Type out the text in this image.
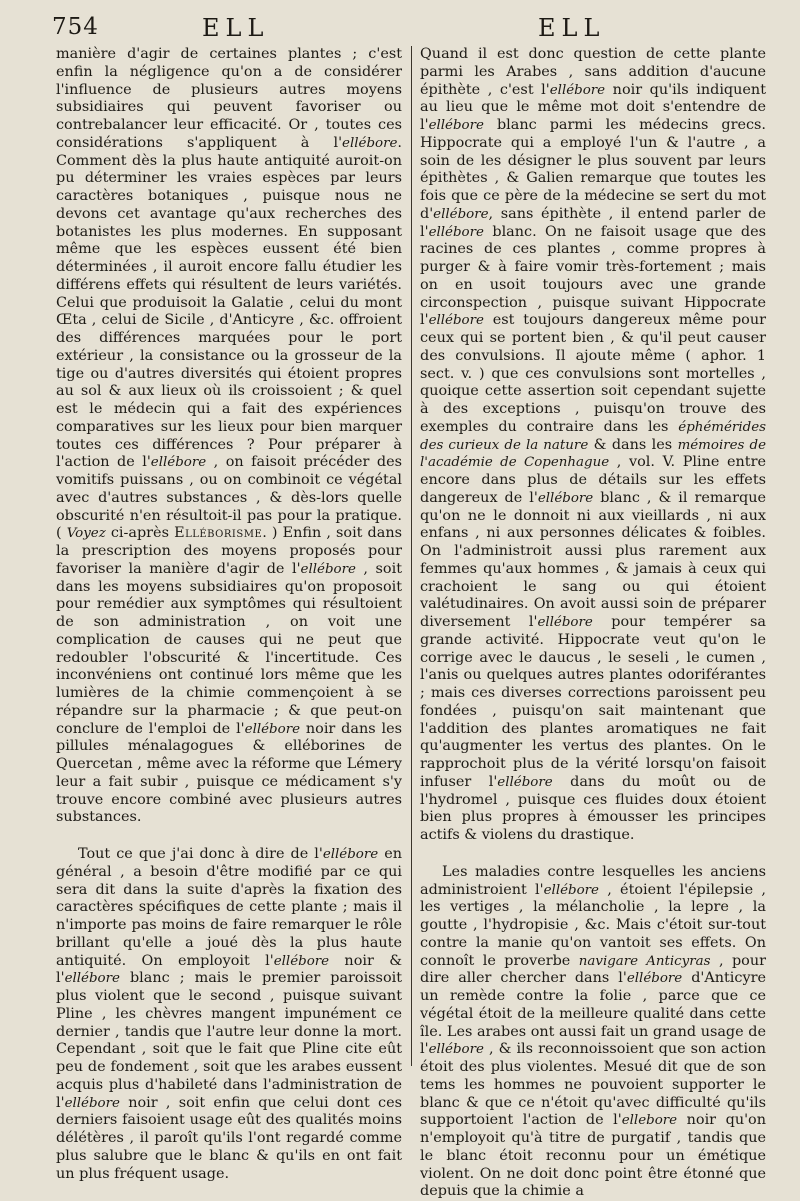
754	ELL	ELL

manière d'agir de certaines plantes ; c'est enfin la négligence qu'on a de considérer l'influence de plusieurs autres moyens subsidiaires qui peuvent favoriser ou contrebalancer leur efficacité. Or , toutes ces considérations s'appliquent à l'ellébore. Comment dès la plus haute antiquité auroit-on pu déterminer les vraies espèces par leurs caractères botaniques , puisque nous ne devons cet avantage qu'aux recherches des botanistes les plus modernes. En supposant même que les espèces eussent été bien déterminées , il auroit encore fallu étudier les différens effets qui résultent de leurs variétés. Celui que produisoit la Galatie , celui du mont Œta , celui de Sicile , d'Anticyre , &c. offroient des différences marquées pour le port extérieur , la consistance ou la grosseur de la tige ou d'autres diversités qui étoient propres au sol & aux lieux où ils croissoient ; & quel est le médecin qui a fait des expériences comparatives sur les lieux pour bien marquer toutes ces différences ? Pour préparer à l'action de l'ellébore , on faisoit précéder des vomitifs puissans , ou on combinoit ce végétal avec d'autres substances , & dès-lors quelle obscurité n'en résultoit-il pas pour la pratique. ( Voyez ci-après Elléborisme. ) Enfin , soit dans la prescription des moyens proposés pour favoriser la manière d'agir de l'ellébore , soit dans les moyens subsidiaires qu'on proposoit pour remédier aux symptômes qui résultoient de son administration , on voit une complication de causes qui ne peut que redoubler l'obscurité & l'incertitude. Ces inconvéniens ont continué lors même que les lumières de la chimie commençoient à se répandre sur la pharmacie ; & que peut-on conclure de l'emploi de l'ellébore noir dans les pillules ménalagogues & elléborines de Quercetan , même avec la réforme que Lémery leur a fait subir , puisque ce médicament s'y trouve encore combiné avec plusieurs autres substances.

Tout ce que j'ai donc à dire de l'ellébore en général , a besoin d'être modifié par ce qui sera dit dans la suite d'après la fixation des caractères spécifiques de cette plante ; mais il n'importe pas moins de faire remarquer le rôle brillant qu'elle a joué dès la plus haute antiquité. On employoit l'ellébore noir & l'ellébore blanc ; mais le premier paroissoit plus violent que le second , puisque suivant Pline , les chèvres mangent impunément ce dernier , tandis que l'autre leur donne la mort. Cependant , soit que le fait que Pline cite eût peu de fondement , soit que les arabes eussent acquis plus d'habileté dans l'administration de l'ellébore noir , soit enfin que celui dont ces derniers faisoient usage eût des qualités moins délétères , il paroît qu'ils l'ont regardé comme plus salubre que le blanc & qu'ils en ont fait un plus fréquent usage.

Quand il est donc question de cette plante parmi les Arabes , sans addition d'aucune épithète , c'est l'ellébore noir qu'ils indiquent au lieu que le même mot doit s'entendre de l'ellébore blanc parmi les médecins grecs. Hippocrate qui a employé l'un & l'autre , a soin de les désigner le plus souvent par leurs épithètes , & Galien remarque que toutes les fois que ce père de la médecine se sert du mot d'ellébore, sans épithète , il entend parler de l'ellébore blanc. On ne faisoit usage que des racines de ces plantes , comme propres à purger & à faire vomir très-fortement ; mais on en usoit toujours avec une grande circonspection , puisque suivant Hippocrate l'ellébore est toujours dangereux même pour ceux qui se portent bien , & qu'il peut causer des convulsions. Il ajoute même ( aphor. 1 sect. v. ) que ces convulsions sont mortelles , quoique cette assertion soit cependant sujette à des exceptions , puisqu'on trouve des exemples du contraire dans les éphémérides des curieux de la nature & dans les mémoires de l'académie de Copenhague , vol. V. Pline entre encore dans plus de détails sur les effets dangereux de l'ellébore blanc , & il remarque qu'on ne le donnoit ni aux vieillards , ni aux enfans , ni aux personnes délicates & foibles. On l'administroit aussi plus rarement aux femmes qu'aux hommes , & jamais à ceux qui crachoient le sang ou qui étoient valétudinaires. On avoit aussi soin de préparer diversement l'ellébore pour tempérer sa grande activité. Hippocrate veut qu'on le corrige avec le daucus , le seseli , le cumen , l'anis ou quelques autres plantes odoriférantes ; mais ces diverses corrections paroissent peu fondées , puisqu'on sait maintenant que l'addition des plantes aromatiques ne fait qu'augmenter les vertus des plantes. On le rapprochoit plus de la vérité lorsqu'on faisoit infuser l'ellébore dans du moût ou de l'hydromel , puisque ces fluides doux étoient bien plus propres à émousser les principes actifs & violens du drastique.

Les maladies contre lesquelles les anciens administroient l'ellébore , étoient l'épilepsie , les vertiges , la mélancholie , la lepre , la goutte , l'hydropisie , &c. Mais c'étoit sur-tout contre la manie qu'on vantoit ses effets. On connoît le proverbe navigare Anticyras , pour dire aller chercher dans l'ellébore d'Anticyre un remède contre la folie , parce que ce végétal étoit de la meilleure qualité dans cette île. Les arabes ont aussi fait un grand usage de l'ellébore , & ils reconnoissoient que son action étoit des plus violentes. Mesué dit que de son tems les hommes ne pouvoient supporter le blanc & que ce n'étoit qu'avec difficulté qu'ils supportoient l'action de l'ellebore noir qu'on n'employoit qu'à titre de purgatif , tandis que le blanc étoit reconnu pour un émétique violent. On ne doit donc point être étonné que depuis que la chimie a
